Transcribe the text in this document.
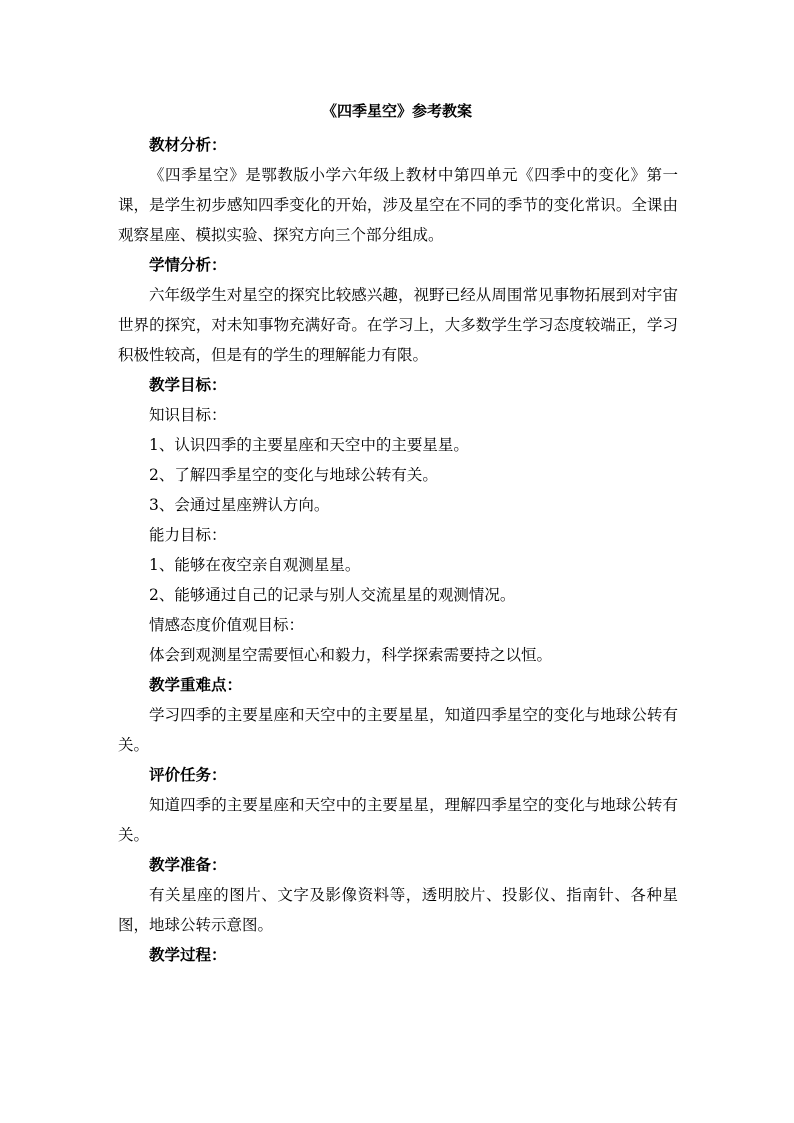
《四季星空》参考教案
教材分析：
《四季星空》是鄂教版小学六年级上教材中第四单元《四季中的变化》第一课，是学生初步感知四季变化的开始，涉及星空在不同的季节的变化常识。全课由观察星座、模拟实验、探究方向三个部分组成。
学情分析：
六年级学生对星空的探究比较感兴趣，视野已经从周围常见事物拓展到对宇宙世界的探究，对未知事物充满好奇。在学习上，大多数学生学习态度较端正，学习积极性较高，但是有的学生的理解能力有限。
教学目标：
知识目标：
1、认识四季的主要星座和天空中的主要星星。
2、了解四季星空的变化与地球公转有关。
3、会通过星座辨认方向。
能力目标：
1、能够在夜空亲自观测星星。
2、能够通过自己的记录与别人交流星星的观测情况。
情感态度价值观目标：
体会到观测星空需要恒心和毅力，科学探索需要持之以恒。
教学重难点：
学习四季的主要星座和天空中的主要星星，知道四季星空的变化与地球公转有关。
评价任务：
知道四季的主要星座和天空中的主要星星，理解四季星空的变化与地球公转有关。
教学准备：
有关星座的图片、文字及影像资料等，透明胶片、投影仪、指南针、各种星图，地球公转示意图。
教学过程：
